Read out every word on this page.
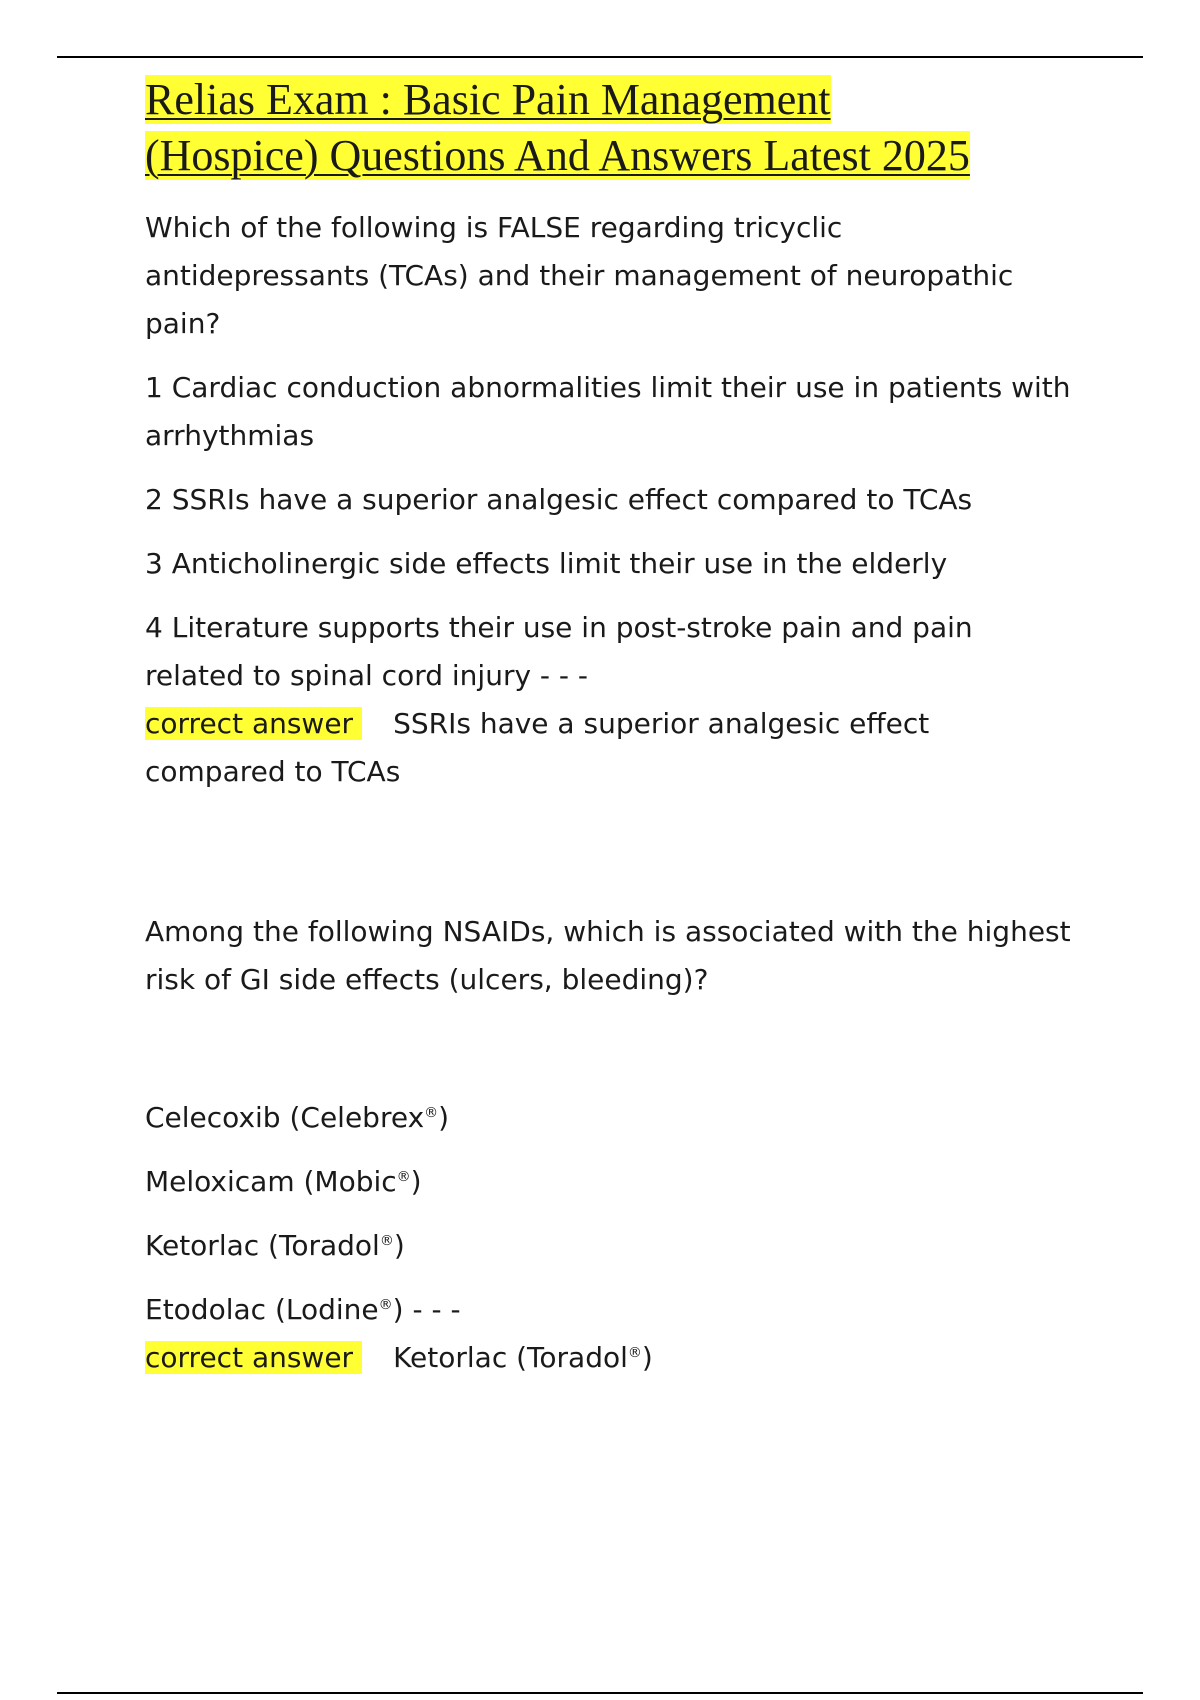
Relias Exam : Basic Pain Management
(Hospice) Questions And Answers Latest 2025

Which of the following is FALSE regarding tricyclic antidepressants (TCAs) and their management of neuropathic pain?

1 Cardiac conduction abnormalities limit their use in patients with arrhythmias

2 SSRIs have a superior analgesic effect compared to TCAs

3 Anticholinergic side effects limit their use in the elderly

4 Literature supports their use in post-stroke pain and pain related to spinal cord injury - - -

correct answer SSRIs have a superior analgesic effect compared to TCAs

Among the following NSAIDs, which is associated with the highest risk of GI side effects (ulcers, bleeding)?

Celecoxib (Celebrex®)

Meloxicam (Mobic®)

Ketorlac (Toradol®)

Etodolac (Lodine®) - - -

correct answer Ketorlac (Toradol®)
